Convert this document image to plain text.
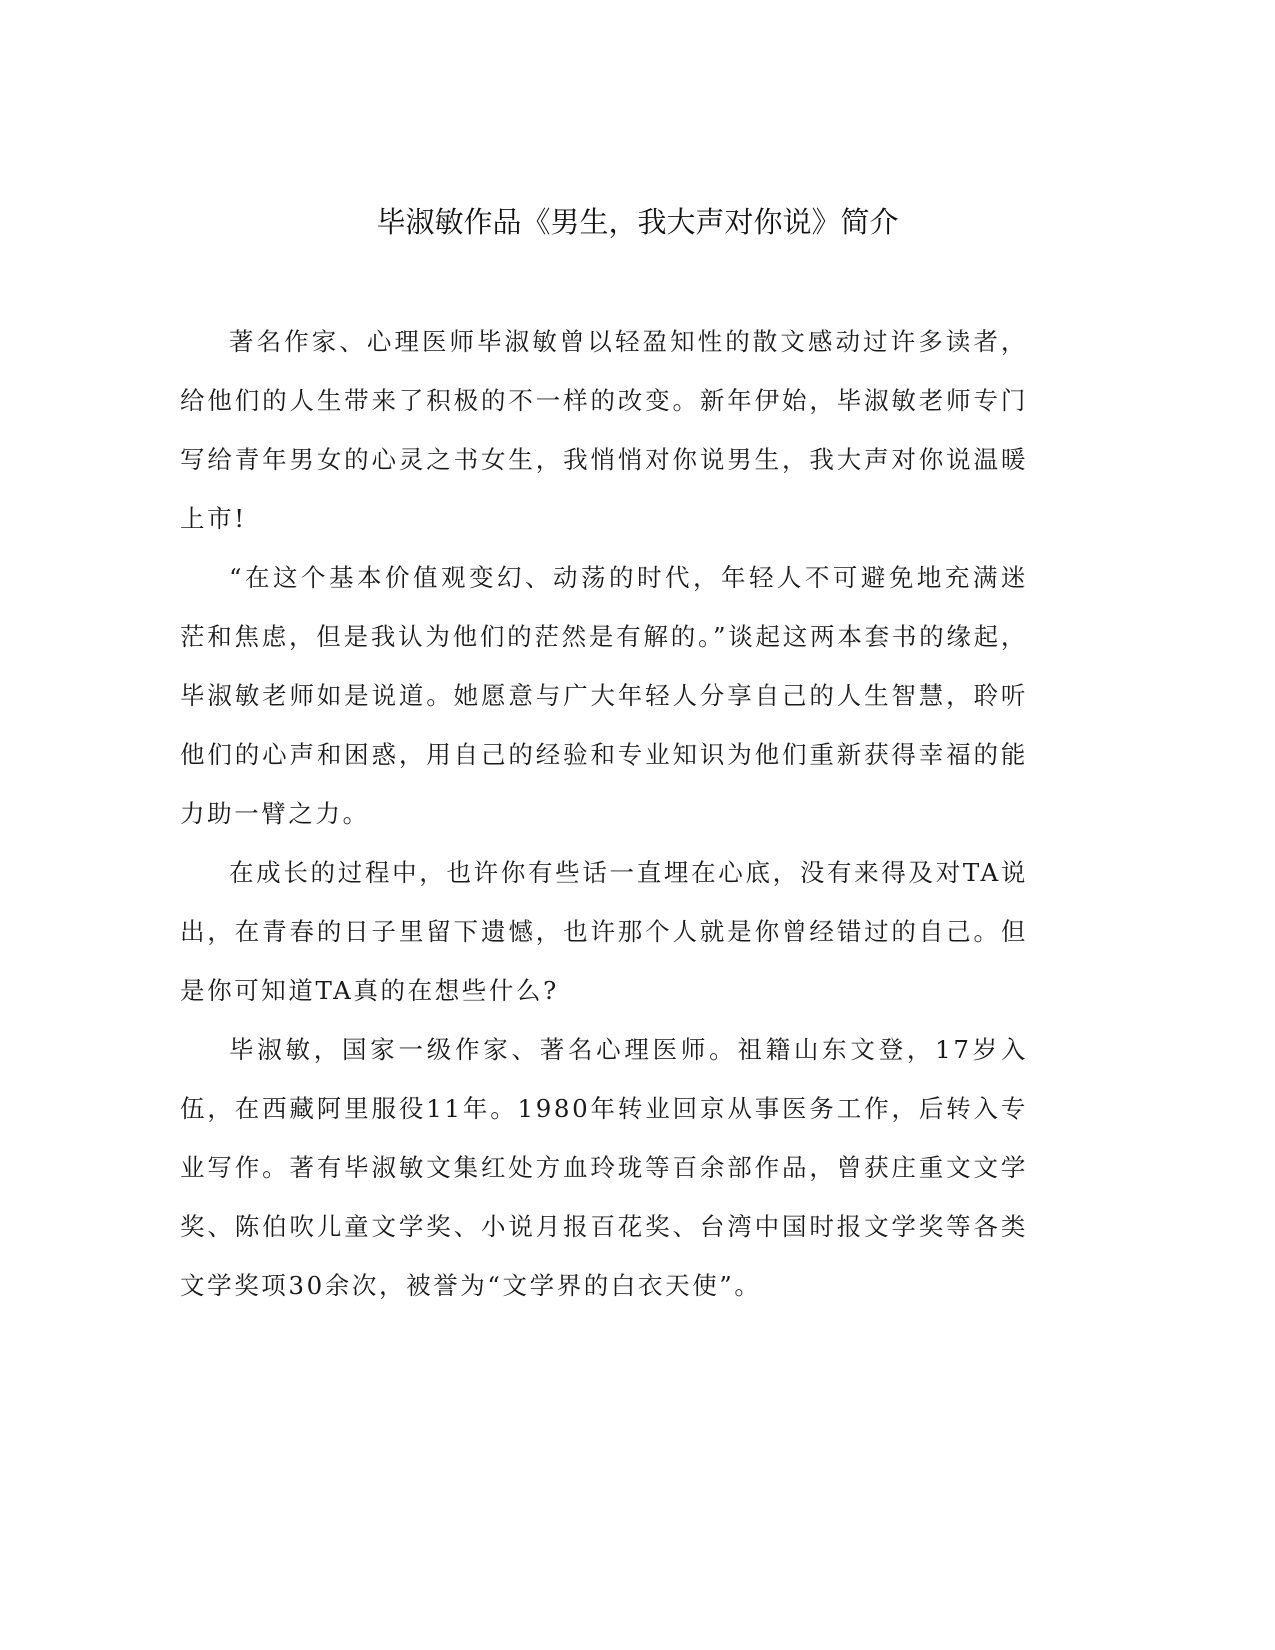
毕淑敏作品《男生，我大声对你说》简介

著名作家、心理医师毕淑敏曾以轻盈知性的散文感动过许多读者，给他们的人生带来了积极的不一样的改变。新年伊始，毕淑敏老师专门写给青年男女的心灵之书女生，我悄悄对你说男生，我大声对你说温暖上市!

“在这个基本价值观变幻、动荡的时代，年轻人不可避免地充满迷茫和焦虑，但是我认为他们的茫然是有解的。”谈起这两本套书的缘起，毕淑敏老师如是说道。她愿意与广大年轻人分享自己的人生智慧，聆听他们的心声和困惑，用自己的经验和专业知识为他们重新获得幸福的能力助一臂之力。

在成长的过程中，也许你有些话一直埋在心底，没有来得及对TA说出，在青春的日子里留下遗憾，也许那个人就是你曾经错过的自己。但是你可知道TA真的在想些什么?

毕淑敏，国家一级作家、著名心理医师。祖籍山东文登，17岁入伍，在西藏阿里服役11年。1980年转业回京从事医务工作，后转入专业写作。著有毕淑敏文集红处方血玲珑等百余部作品，曾获庄重文文学奖、陈伯吹儿童文学奖、小说月报百花奖、台湾中国时报文学奖等各类文学奖项30余次，被誉为“文学界的白衣天使”。
